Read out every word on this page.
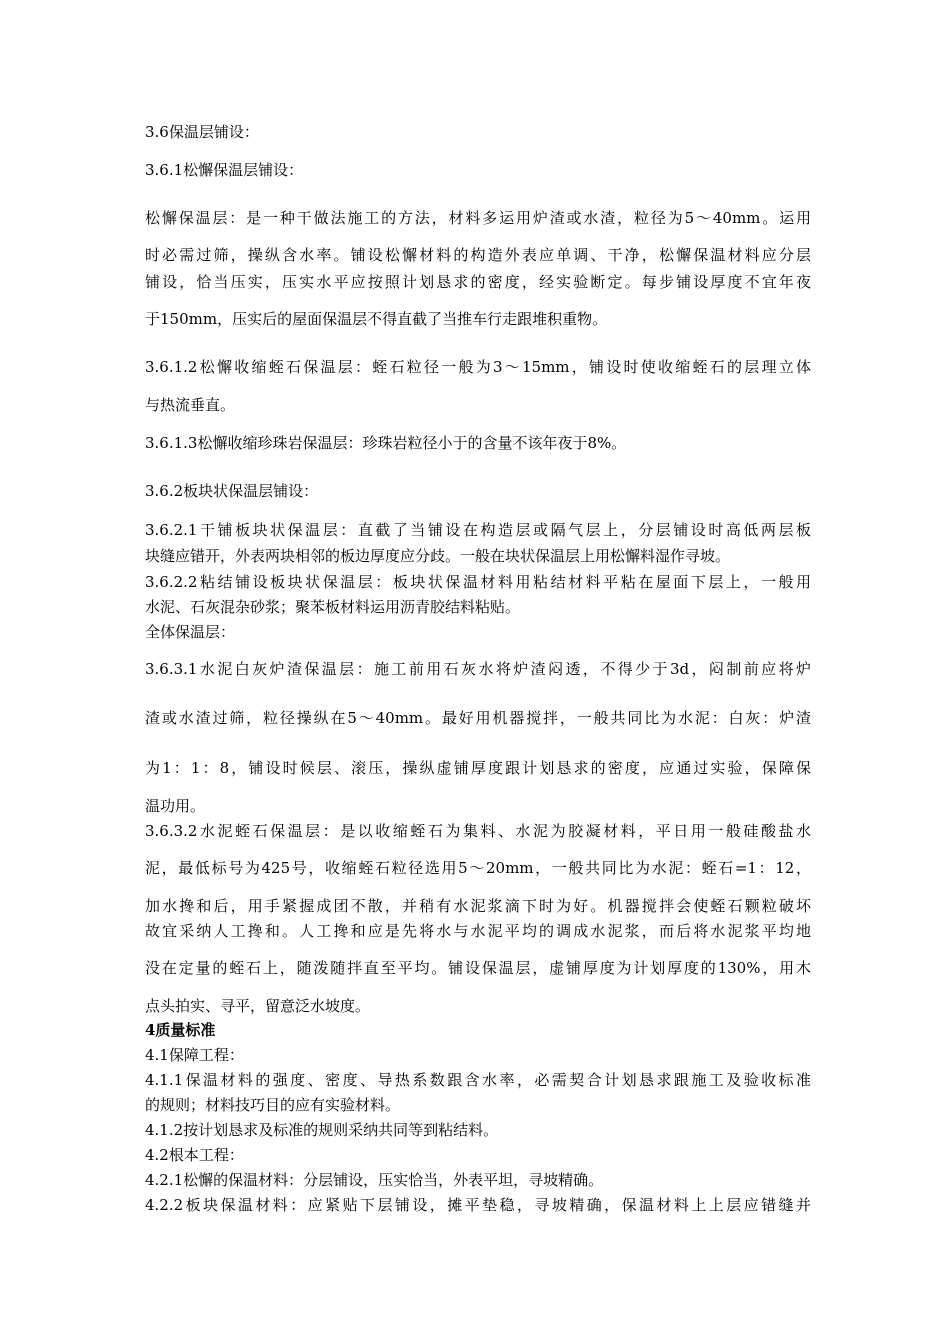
3.6保温层铺设：
3.6.1松懈保温层铺设：
松懈保温层：是一种干做法施工的方法，材料多运用炉渣或水渣，粒径为5～40mm。运用
时必需过筛，操纵含水率。铺设松懈材料的构造外表应单调、干净，松懈保温材料应分层
铺设，恰当压实，压实水平应按照计划恳求的密度，经实验断定。每步铺设厚度不宜年夜
于150mm，压实后的屋面保温层不得直截了当推车行走跟堆积重物。
3.6.1.2松懈收缩蛭石保温层：蛭石粒径一般为3～15mm，铺设时使收缩蛭石的层理立体
与热流垂直。
3.6.1.3松懈收缩珍珠岩保温层：珍珠岩粒径小于的含量不该年夜于8%。
3.6.2板块状保温层铺设：
3.6.2.1干铺板块状保温层：直截了当铺设在构造层或隔气层上，分层铺设时高低两层板
块缝应错开，外表两块相邻的板边厚度应分歧。一般在块状保温层上用松懈料湿作寻坡。
3.6.2.2粘结铺设板块状保温层：板块状保温材料用粘结材料平粘在屋面下层上，一般用
水泥、石灰混杂砂浆；聚苯板材料运用沥青胶结料粘贴。
全体保温层：
3.6.3.1水泥白灰炉渣保温层：施工前用石灰水将炉渣闷透，不得少于3d，闷制前应将炉
渣或水渣过筛，粒径操纵在5～40mm。最好用机器搅拌，一般共同比为水泥：白灰：炉渣
为1：1：8，铺设时候层、滚压，操纵虚铺厚度跟计划恳求的密度，应通过实验，保障保
温功用。
3.6.3.2水泥蛭石保温层：是以收缩蛭石为集料、水泥为胶凝材料，平日用一般硅酸盐水
泥，最低标号为425号，收缩蛭石粒径选用5～20mm，一般共同比为水泥：蛭石=1：12，
加水搀和后，用手紧握成团不散，并稍有水泥浆滴下时为好。机器搅拌会使蛭石颗粒破坏
故宜采纳人工搀和。人工搀和应是先将水与水泥平均的调成水泥浆，而后将水泥浆平均地
没在定量的蛭石上，随泼随拌直至平均。铺设保温层，虚铺厚度为计划厚度的130%，用木
点头拍实、寻平，留意泛水坡度。
4质量标准
4.1保障工程：
4.1.1保温材料的强度、密度、导热系数跟含水率，必需契合计划恳求跟施工及验收标准
的规则；材料技巧目的应有实验材料。
4.1.2按计划恳求及标准的规则采纳共同等到粘结料。
4.2根本工程：
4.2.1松懈的保温材料：分层铺设，压实恰当，外表平坦，寻坡精确。
4.2.2板块保温材料：应紧贴下层铺设，摊平垫稳，寻坡精确，保温材料上上层应错缝并
